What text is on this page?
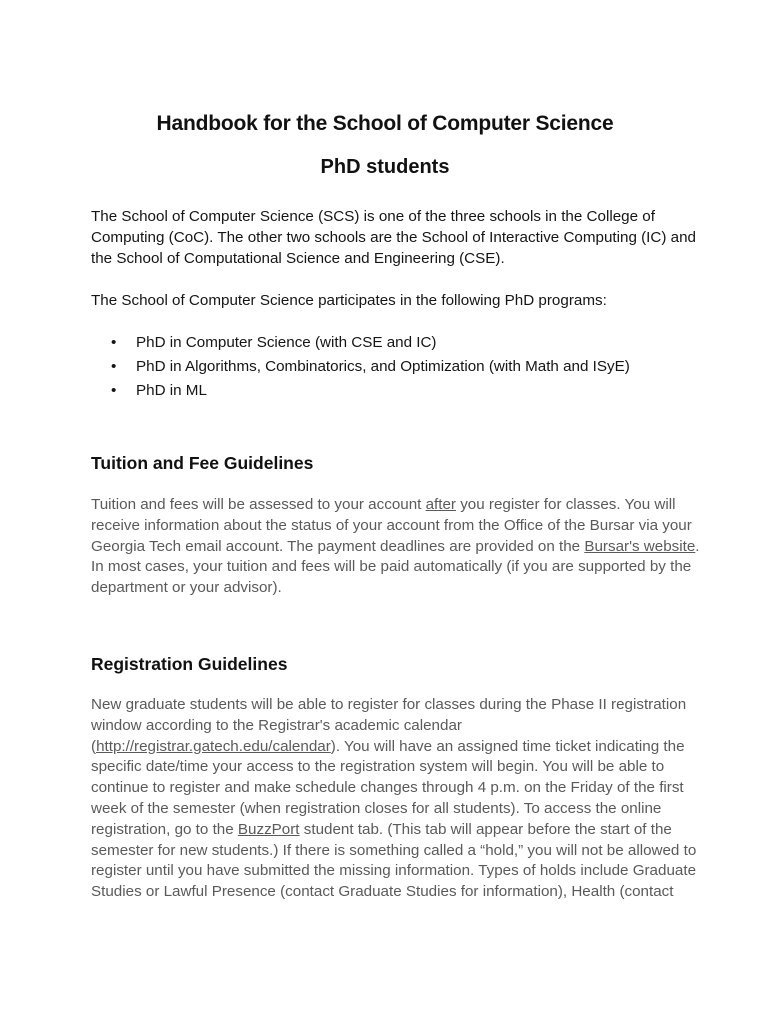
Handbook for the School of Computer Science
PhD students

The School of Computer Science (SCS) is one of the three schools in the College of Computing (CoC). The other two schools are the School of Interactive Computing (IC) and the School of Computational Science and Engineering (CSE).

The School of Computer Science participates in the following PhD programs:

• PhD in Computer Science (with CSE and IC)
• PhD in Algorithms, Combinatorics, and Optimization (with Math and ISyE)
• PhD in ML
Tuition and Fee Guidelines

Tuition and fees will be assessed to your account after you register for classes. You will receive information about the status of your account from the Office of the Bursar via your Georgia Tech email account. The payment deadlines are provided on the Bursar's website. In most cases, your tuition and fees will be paid automatically (if you are supported by the department or your advisor).

Registration Guidelines

New graduate students will be able to register for classes during the Phase II registration window according to the Registrar's academic calendar (http://registrar.gatech.edu/calendar). You will have an assigned time ticket indicating the specific date/time your access to the registration system will begin. You will be able to continue to register and make schedule changes through 4 p.m. on the Friday of the first week of the semester (when registration closes for all students). To access the online registration, go to the BuzzPort student tab. (This tab will appear before the start of the semester for new students.) If there is something called a “hold,” you will not be allowed to register until you have submitted the missing information. Types of holds include Graduate Studies or Lawful Presence (contact Graduate Studies for information), Health (contact
